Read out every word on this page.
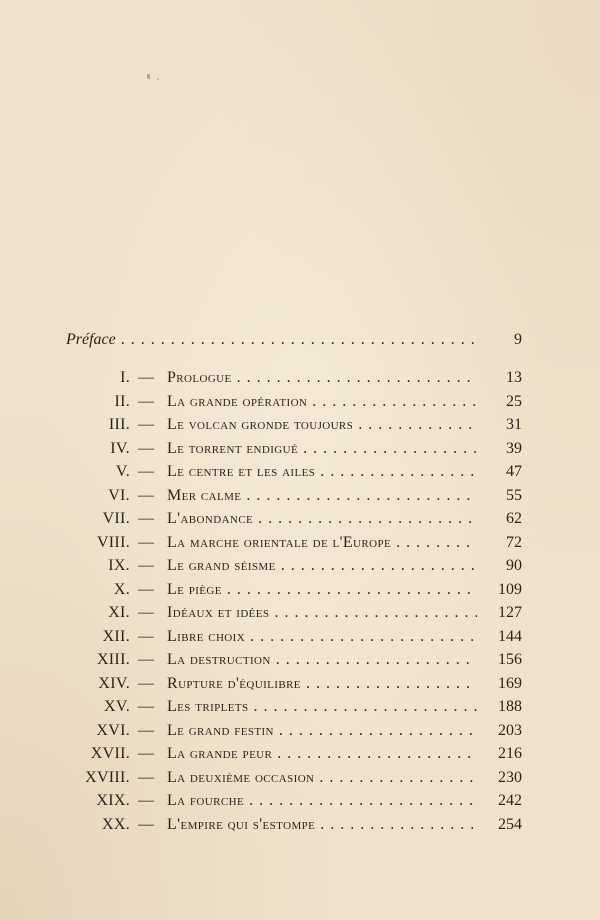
Préface . . .	9
I. — Prologue . . .	13
II. — La grande opération . . .	25
III. — Le volcan gronde toujours . . .	31
IV. — Le torrent endigué . . .	39
V. — Le centre et les ailes . . .	47
VI. — Mer calme . . .	55
VII. — L'abondance . . .	62
VIII. — La marche orientale de l'Europe . . .	72
IX. — Le grand séisme . . .	90
X. — Le piège . . .	109
XI. — Idéaux et idées . . .	127
XII. — Libre choix . . .	144
XIII. — La destruction . . .	156
XIV. — Rupture d'équilibre . . .	169
XV. — Les triplets . . .	188
XVI. — Le grand festin . . .	203
XVII. — La grande peur . . .	216
XVIII. — La deuxième occasion . . .	230
XIX. — La fourche . . .	242
XX. — L'empire qui s'estompe . . .	254
